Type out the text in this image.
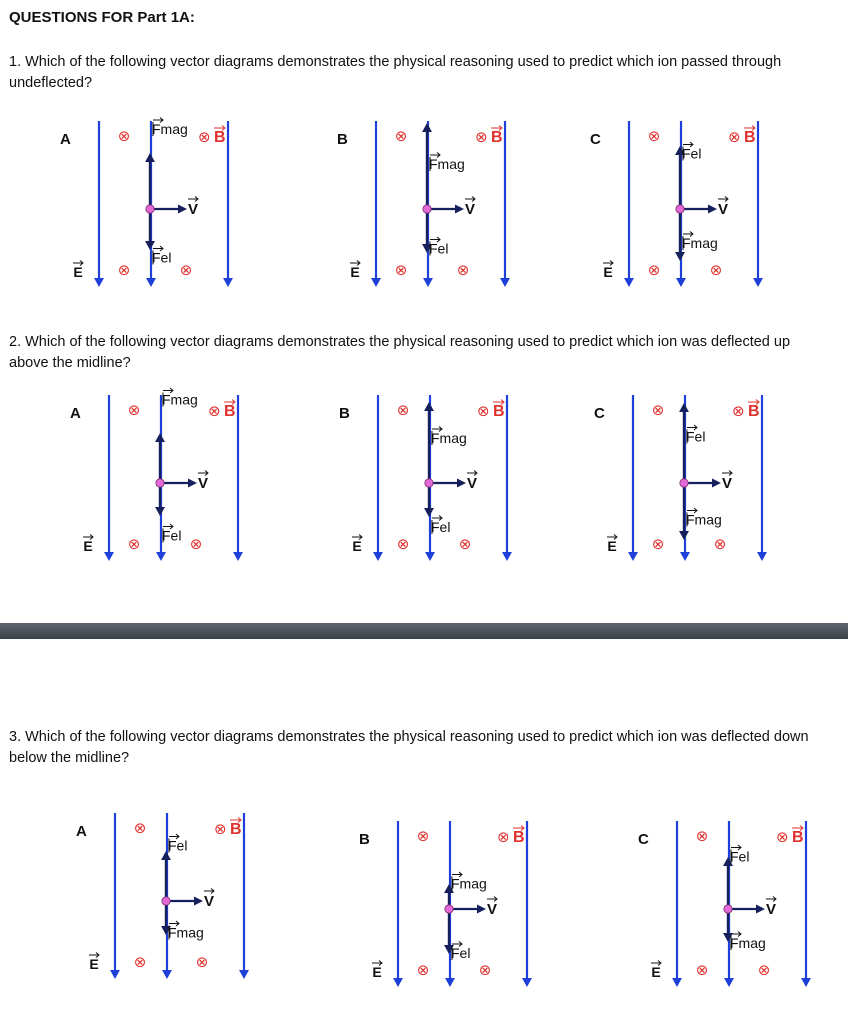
QUESTIONS FOR Part 1A:
1. Which of the following vector diagrams demonstrates the physical reasoning used to predict which ion passed through undeflected?
A
E
⊗ B
⊗
⊗	⊗
V
Fmag
Fel
B
E
⊗ B
⊗
⊗	⊗
V
Fmag
Fel
C
E
⊗ B
⊗
⊗	⊗
V
Fel
Fmag
2. Which of the following vector diagrams demonstrates the physical reasoning used to predict which ion was deflected up above the midline?
A
E
⊗ B
⊗
⊗	⊗
V
Fmag
Fel
B
E
⊗ B
⊗
⊗	⊗
V
Fmag
Fel
C
E
⊗ B
⊗
⊗	⊗
V
Fel
Fmag
3. Which of the following vector diagrams demonstrates the physical reasoning used to predict which ion was deflected down below the midline?
A
E
⊗ B
⊗
⊗	⊗
V
Fel
Fmag
B
E
⊗ B
⊗
⊗	⊗
V
Fmag
Fel
C
E
⊗ B
⊗
⊗	⊗
V
Fel
Fmag
